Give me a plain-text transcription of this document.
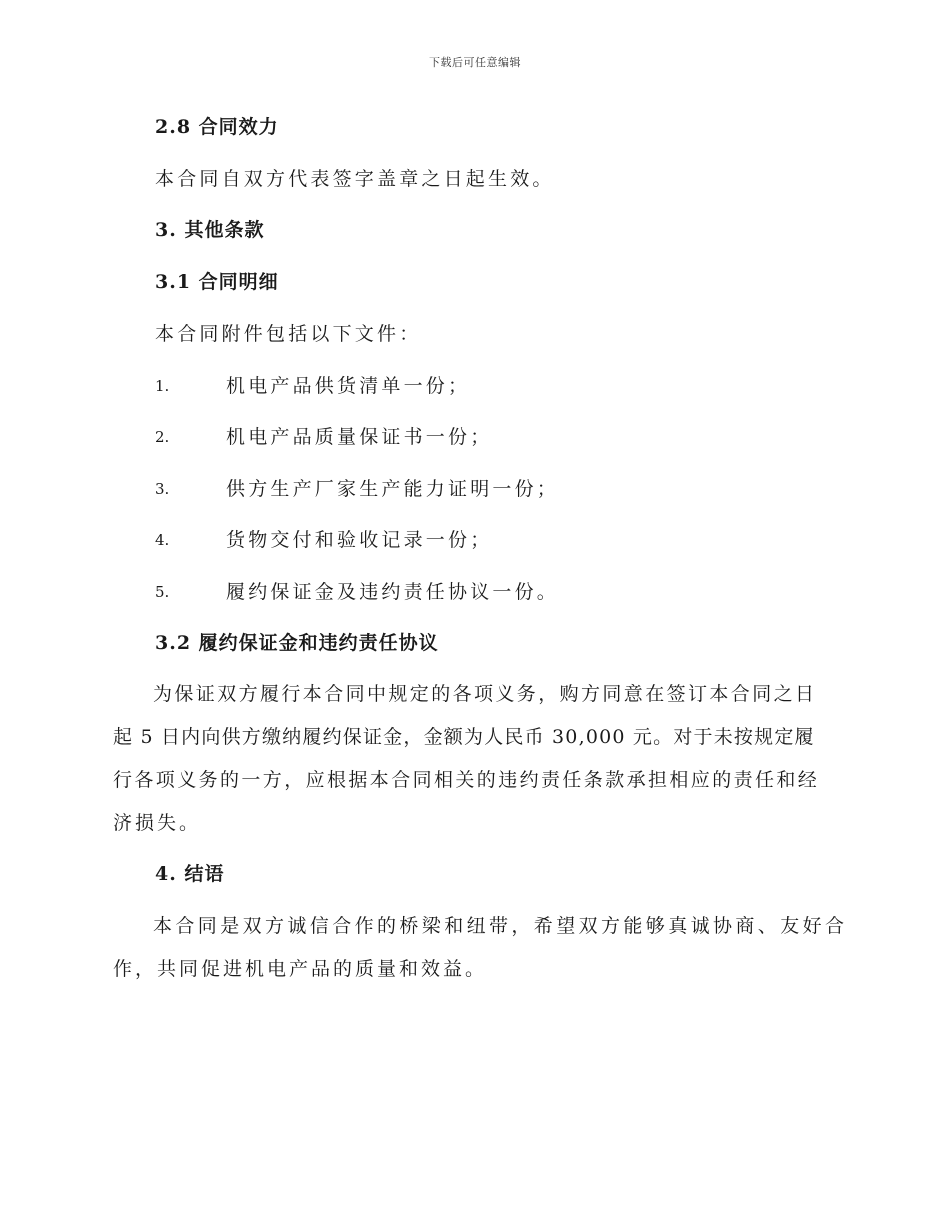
下载后可任意编辑
2.8 合同效力
本合同自双方代表签字盖章之日起生效。
3. 其他条款
3.1 合同明细
本合同附件包括以下文件：
1.	机电产品供货清单一份；
2.	机电产品质量保证书一份；
3.	供方生产厂家生产能力证明一份；
4.	货物交付和验收记录一份；
5.	履约保证金及违约责任协议一份。
3.2 履约保证金和违约责任协议
为保证双方履行本合同中规定的各项义务，购方同意在签订本合同之日
起 5 日内向供方缴纳履约保证金，金额为人民币 30,000 元。对于未按规定履
行各项义务的一方，应根据本合同相关的违约责任条款承担相应的责任和经
济损失。
4. 结语
本合同是双方诚信合作的桥梁和纽带，希望双方能够真诚协商、友好合
作，共同促进机电产品的质量和效益。
